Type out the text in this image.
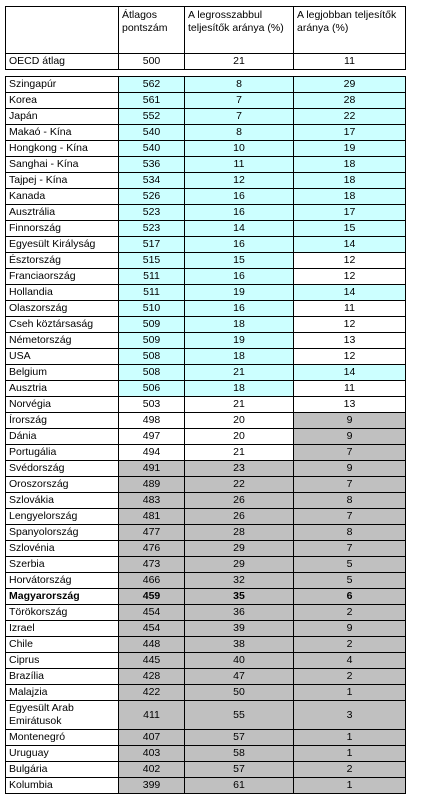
	Átlagos pontszám	A legrosszabbul teljesítők aránya (%)	A legjobban teljesítők aránya (%)
OECD átlag	500	21	11

Szingapúr	562	8	29
Korea	561	7	28
Japán	552	7	22
Makaó - Kína	540	8	17
Hongkong - Kína	540	10	19
Sanghai - Kína	536	11	18
Tajpej - Kína	534	12	18
Kanada	526	16	18
Ausztrália	523	16	17
Finnország	523	14	15
Egyesült Királyság	517	16	14
Észtország	515	15	12
Franciaország	511	16	12
Hollandia	511	19	14
Olaszország	510	16	11
Cseh köztársaság	509	18	12
Németország	509	19	13
USA	508	18	12
Belgium	508	21	14
Ausztria	506	18	11
Norvégia	503	21	13
Írország	498	20	9
Dánia	497	20	9
Portugália	494	21	7
Svédország	491	23	9
Oroszország	489	22	7
Szlovákia	483	26	8
Lengyelország	481	26	7
Spanyolország	477	28	8
Szlovénia	476	29	7
Szerbia	473	29	5
Horvátország	466	32	5
Magyarország	459	35	6
Törökország	454	36	2
Izrael	454	39	9
Chile	448	38	2
Ciprus	445	40	4
Brazília	428	47	2
Malajzia	422	50	1
Egyesült Arab Emirátusok	411	55	3
Montenegró	407	57	1
Uruguay	403	58	1
Bulgária	402	57	2
Kolumbia	399	61	1
